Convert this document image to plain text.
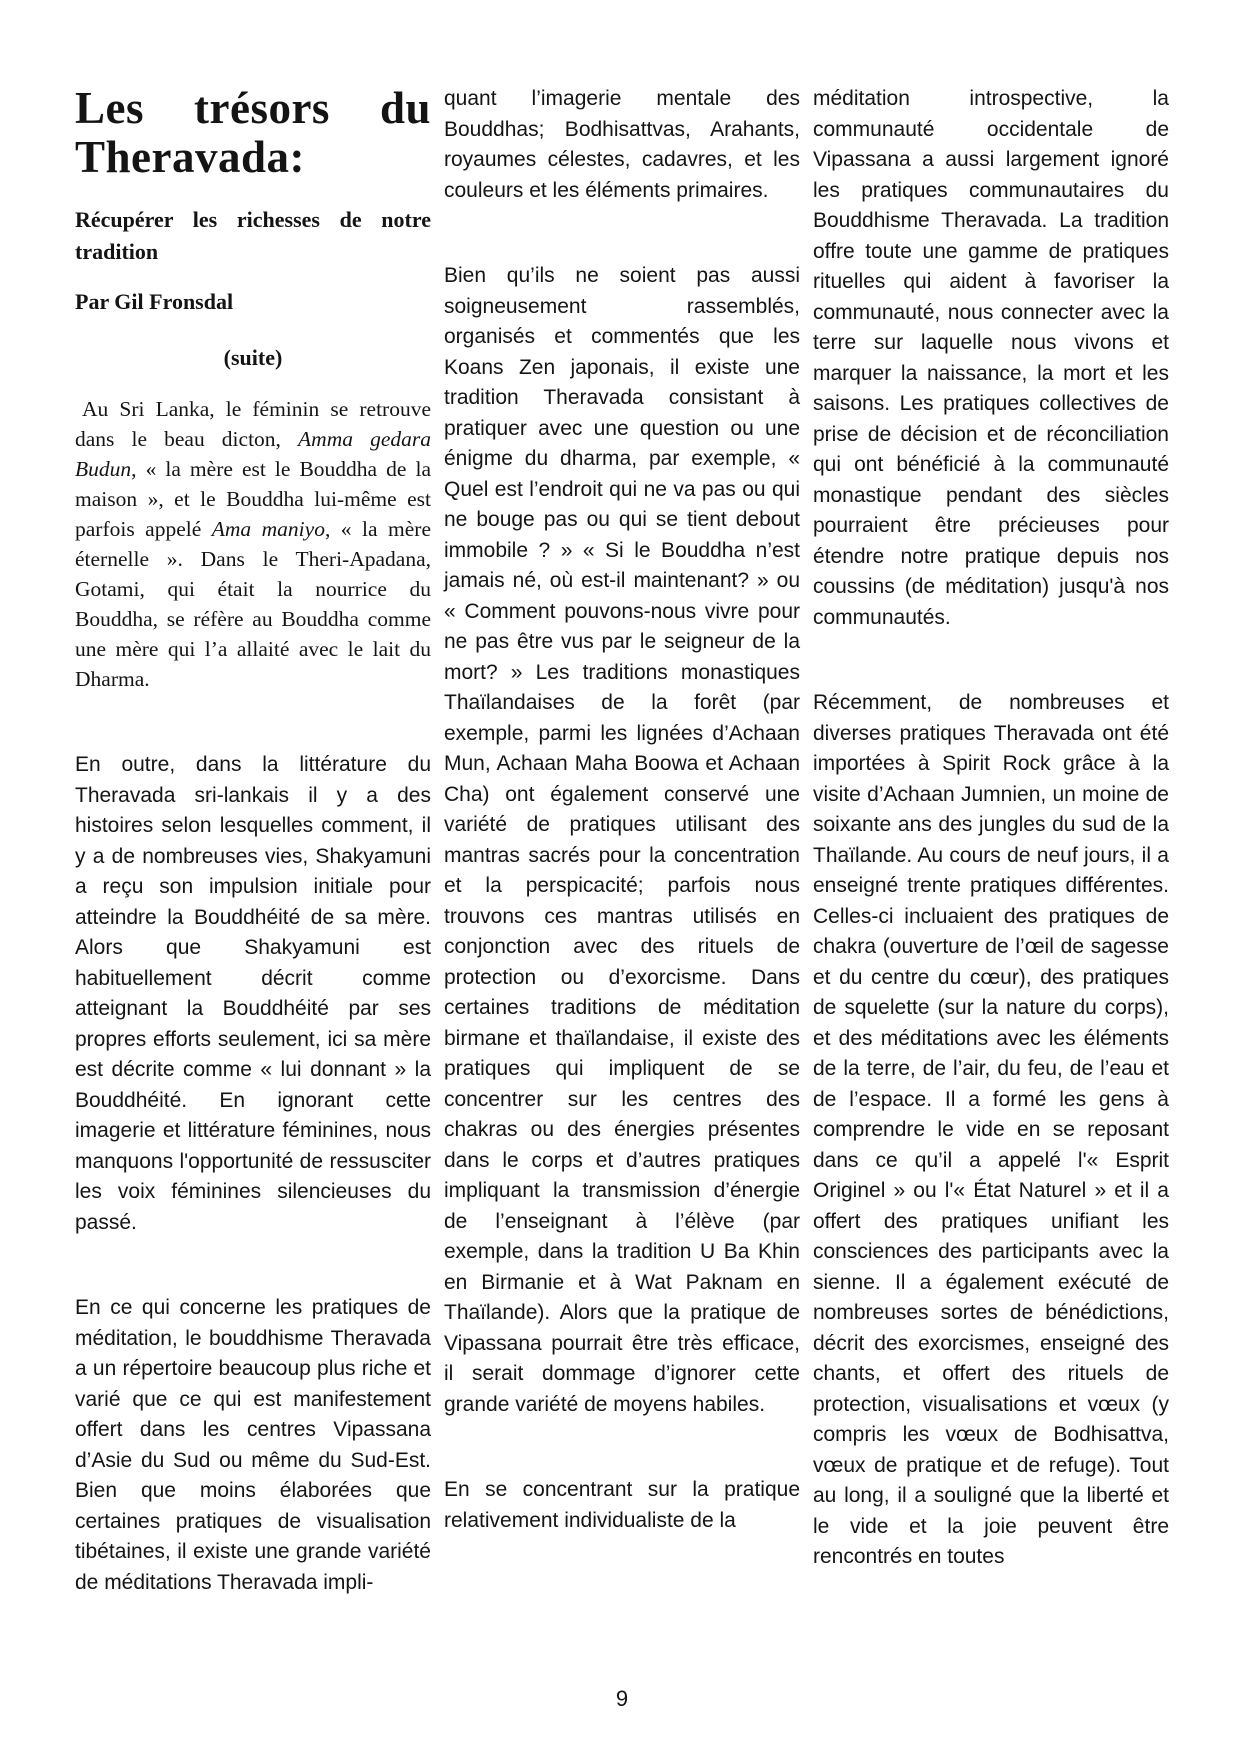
Les trésors du Theravada:
Récupérer les richesses de notre tradition
Par Gil Fronsdal
(suite)
Au Sri Lanka, le féminin se retrouve dans le beau dicton, Amma gedara Budun, « la mère est le Bouddha de la maison », et le Bouddha lui-même est parfois appelé Ama maniyo, « la mère éternelle ». Dans le Theri-Apadana, Gotami, qui était la nourrice du Bouddha, se réfère au Bouddha comme une mère qui l’a allaité avec le lait du Dharma.
En outre, dans la littérature du Theravada sri-lankais il y a des histoires selon lesquelles comment, il y a de nombreuses vies, Shakyamuni a reçu son impulsion initiale pour atteindre la Bouddhéité de sa mère. Alors que Shakyamuni est habituellement décrit comme atteignant la Bouddhéité par ses propres efforts seulement, ici sa mère est décrite comme « lui donnant » la Bouddhéité. En ignorant cette imagerie et littérature féminines, nous manquons l'opportunité de ressusciter les voix féminines silencieuses du passé.
En ce qui concerne les pratiques de méditation, le bouddhisme Theravada a un répertoire beaucoup plus riche et varié que ce qui est manifestement offert dans les centres Vipassana d’Asie du Sud ou même du Sud-Est. Bien que moins élaborées que certaines pratiques de visualisation tibétaines, il existe une grande variété de méditations Theravada impli-
quant l’imagerie mentale des Bouddhas; Bodhisattvas, Arahants, royaumes célestes, cadavres, et les couleurs et les éléments primaires.
Bien qu’ils ne soient pas aussi soigneusement rassemblés, organisés et commentés que les Koans Zen japonais, il existe une tradition Theravada consistant à pratiquer avec une question ou une énigme du dharma, par exemple, « Quel est l’endroit qui ne va pas ou qui ne bouge pas ou qui se tient debout immobile ? » « Si le Bouddha n’est jamais né, où est-il maintenant? » ou « Comment pouvons-nous vivre pour ne pas être vus par le seigneur de la mort? » Les traditions monastiques Thaïlandaises de la forêt (par exemple, parmi les lignées d’Achaan Mun, Achaan Maha Boowa et Achaan Cha) ont également conservé une variété de pratiques utilisant des mantras sacrés pour la concentration et la perspicacité; parfois nous trouvons ces mantras utilisés en conjonction avec des rituels de protection ou d’exorcisme. Dans certaines traditions de méditation birmane et thaïlandaise, il existe des pratiques qui impliquent de se concentrer sur les centres des chakras ou des énergies présentes dans le corps et d’autres pratiques impliquant la transmission d’énergie de l’enseignant à l’élève (par exemple, dans la tradition U Ba Khin en Birmanie et à Wat Paknam en Thaïlande). Alors que la pratique de Vipassana pourrait être très efficace, il serait dommage d’ignorer cette grande variété de moyens habiles.
En se concentrant sur la pratique relativement individualiste de la
méditation introspective, la communauté occidentale de Vipassana a aussi largement ignoré les pratiques communautaires du Bouddhisme Theravada. La tradition offre toute une gamme de pratiques rituelles qui aident à favoriser la communauté, nous connecter avec la terre sur laquelle nous vivons et marquer la naissance, la mort et les saisons. Les pratiques collectives de prise de décision et de réconciliation qui ont bénéficié à la communauté monastique pendant des siècles pourraient être précieuses pour étendre notre pratique depuis nos coussins (de méditation) jusqu'à nos communautés.
Récemment, de nombreuses et diverses pratiques Theravada ont été importées à Spirit Rock grâce à la visite d’Achaan Jumnien, un moine de soixante ans des jungles du sud de la Thaïlande. Au cours de neuf jours, il a enseigné trente pratiques différentes. Celles-ci incluaient des pratiques de chakra (ouverture de l’œil de sagesse et du centre du cœur), des pratiques de squelette (sur la nature du corps), et des méditations avec les éléments de la terre, de l’air, du feu, de l’eau et de l’espace. Il a formé les gens à comprendre le vide en se reposant dans ce qu’il a appelé l'« Esprit Originel » ou l'« État Naturel » et il a offert des pratiques unifiant les consciences des participants avec la sienne. Il a également exécuté de nombreuses sortes de bénédictions, décrit des exorcismes, enseigné des chants, et offert des rituels de protection, visualisations et vœux (y compris les vœux de Bodhisattva, vœux de pratique et de refuge). Tout au long, il a souligné que la liberté et le vide et la joie peuvent être rencontrés en toutes
9
